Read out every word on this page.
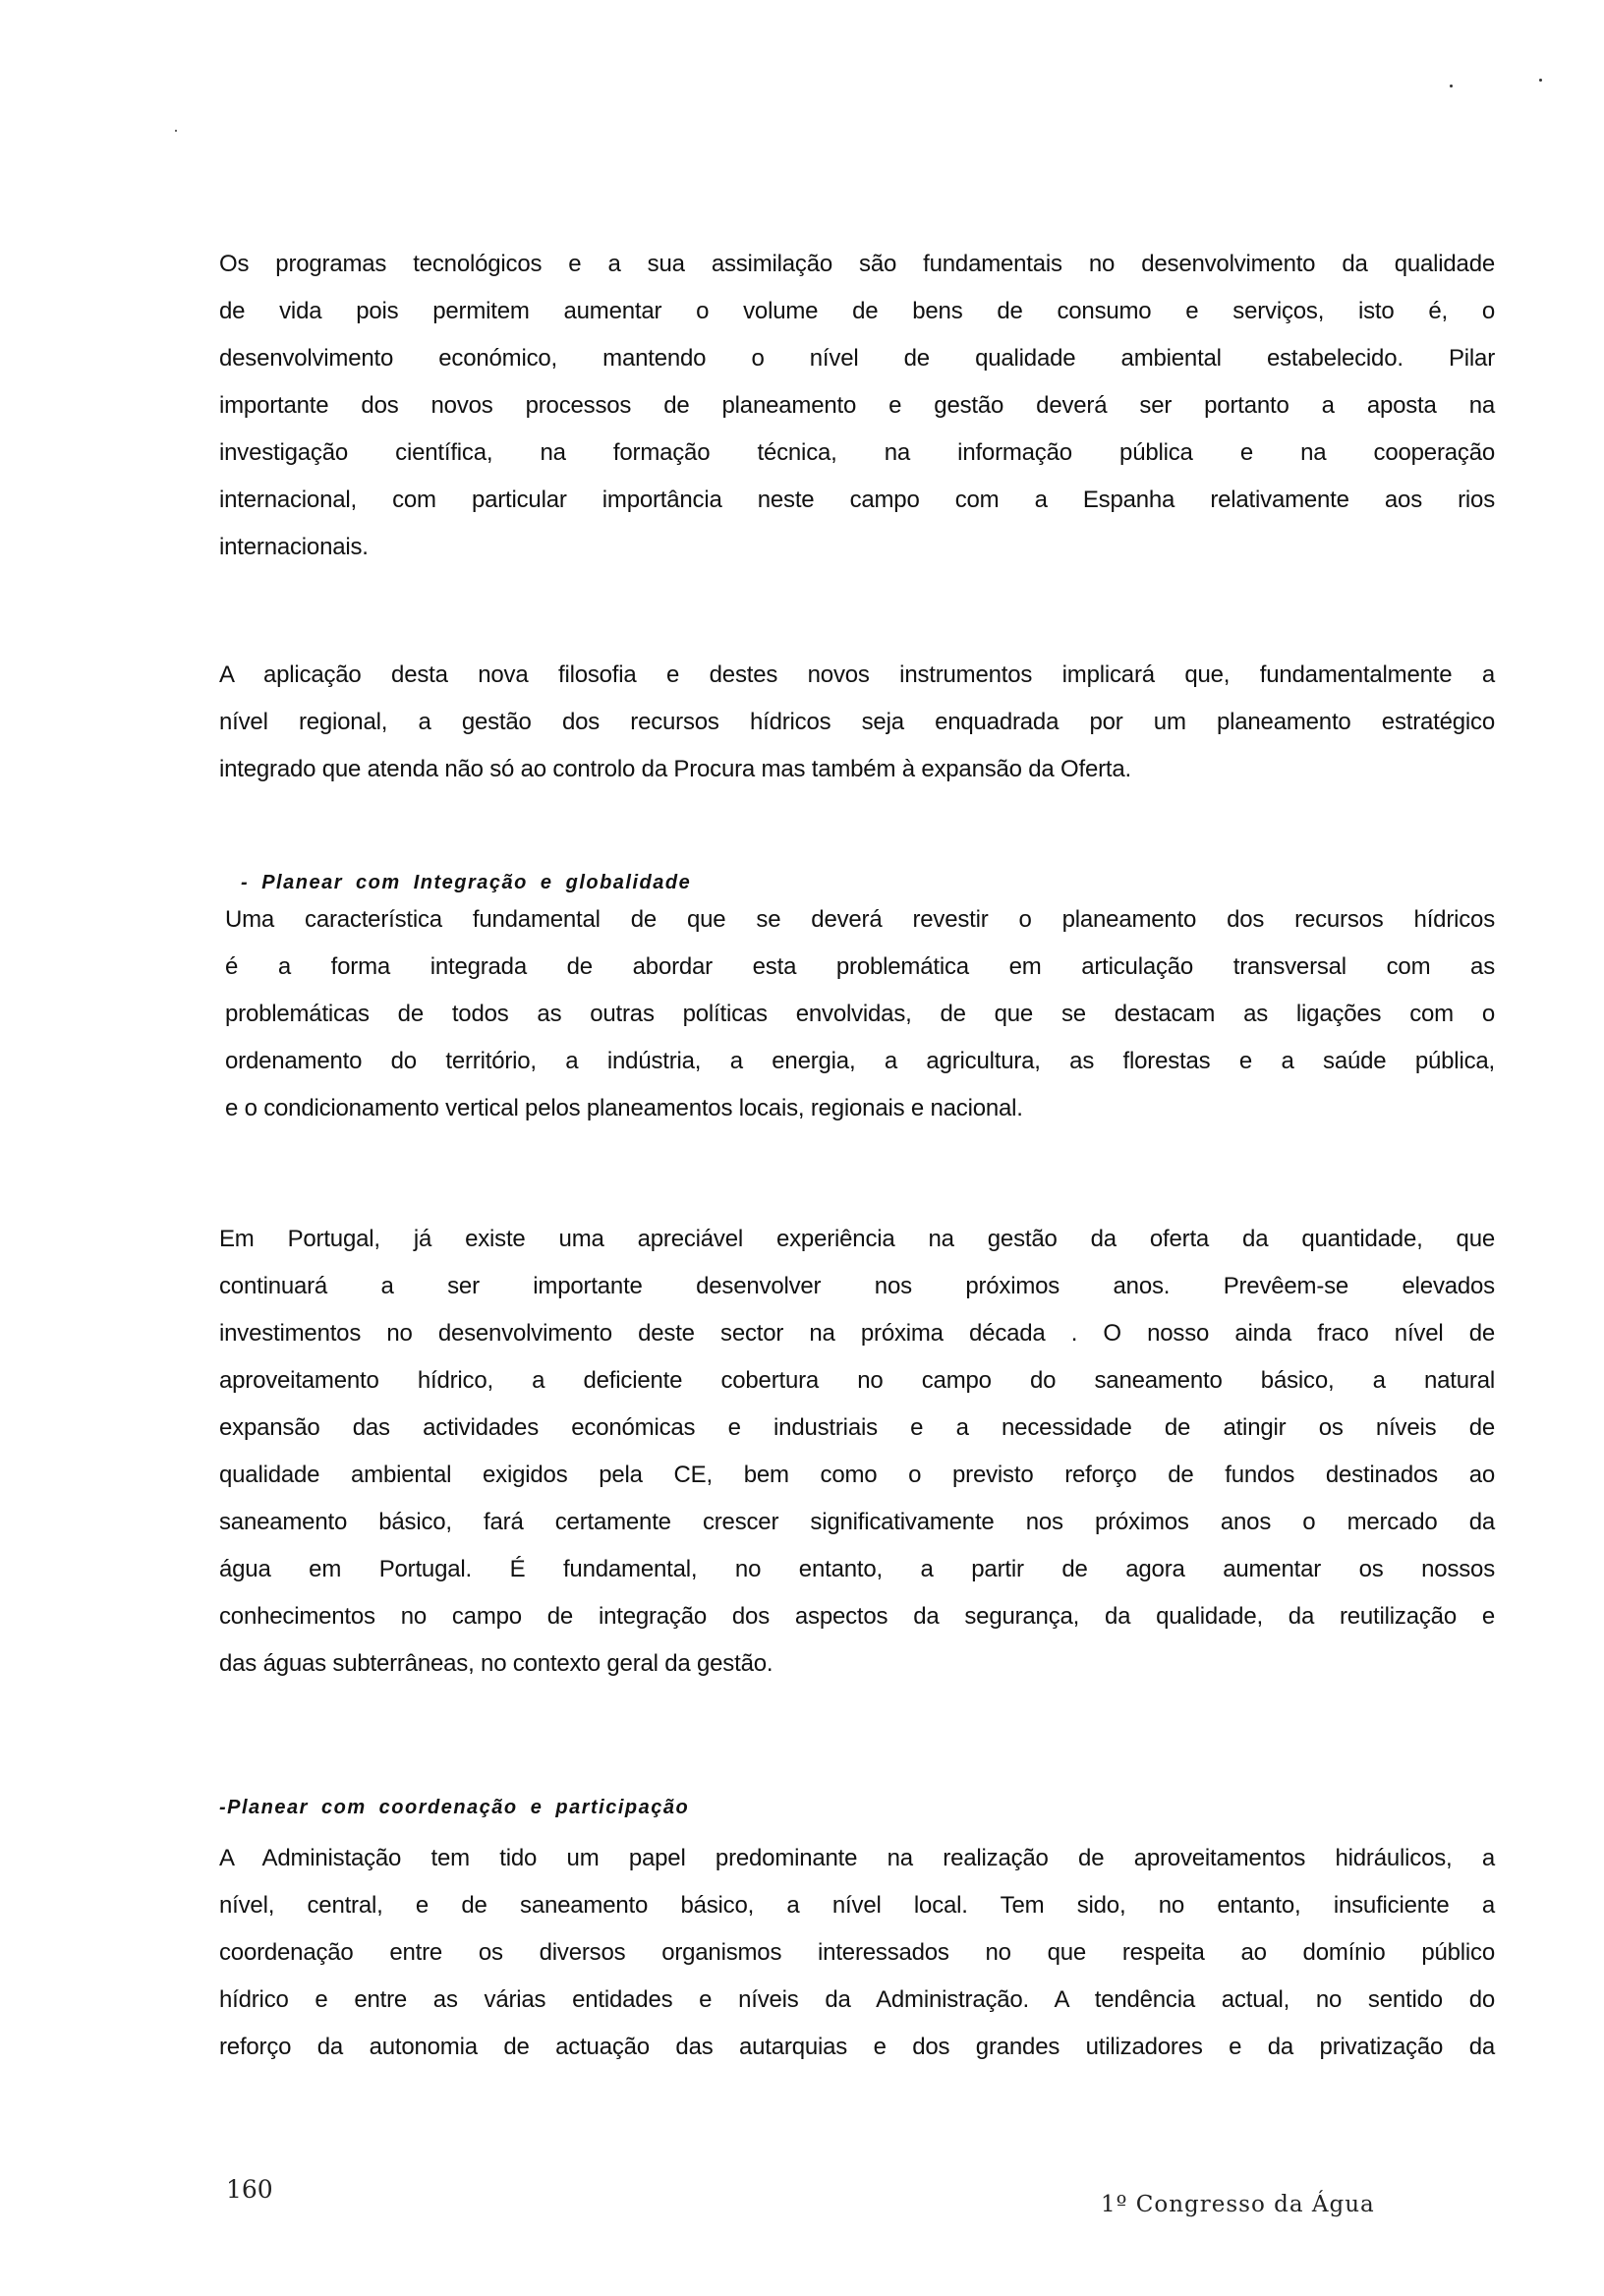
Os programas tecnológicos e a sua assimilação são fundamentais no desenvolvimento da qualidade
de vida pois permitem aumentar o volume de bens de consumo e serviços, isto é, o
desenvolvimento económico, mantendo o nível de qualidade ambiental estabelecido. Pilar
importante dos novos processos de planeamento e gestão deverá ser portanto a aposta na
investigação científica, na formação técnica, na informação pública e na cooperação
internacional, com particular importância neste campo com a Espanha relativamente aos rios
internacionais.
A aplicação desta nova filosofia e destes novos instrumentos implicará que, fundamentalmente a
nível regional, a gestão dos recursos hídricos seja enquadrada por um planeamento estratégico
integrado que atenda não só ao controlo da Procura mas também à expansão da Oferta.
- Planear com Integração e globalidade
Uma característica fundamental de que se deverá revestir o planeamento dos recursos hídricos
é a forma integrada de abordar esta problemática em articulação transversal com as
problemáticas de todos as outras políticas envolvidas, de que se destacam as ligações com o
ordenamento do território, a indústria, a energia, a agricultura, as florestas e a saúde pública,
e o condicionamento vertical pelos planeamentos locais, regionais e nacional.
Em Portugal, já existe uma apreciável experiência na gestão da oferta da quantidade, que
continuará a ser importante desenvolver nos próximos anos. Prevêem-se elevados
investimentos no desenvolvimento deste sector na próxima década . O nosso ainda fraco nível de
aproveitamento hídrico, a deficiente cobertura no campo do saneamento básico, a natural
expansão das actividades económicas e industriais e a necessidade de atingir os níveis de
qualidade ambiental exigidos pela CE, bem como o previsto reforço de fundos destinados ao
saneamento básico, fará certamente crescer significativamente nos próximos anos o mercado da
água em Portugal. É fundamental, no entanto, a partir de agora aumentar os nossos
conhecimentos no campo de integração dos aspectos da segurança, da qualidade, da reutilização e
das águas subterrâneas, no contexto geral da gestão.
-Planear com coordenação e participação
A Administação tem tido um papel predominante na realização de aproveitamentos hidráulicos, a
nível, central, e de saneamento básico, a nível local. Tem sido, no entanto, insuficiente a
coordenação entre os diversos organismos interessados no que respeita ao domínio público
hídrico e entre as várias entidades e níveis da Administração. A tendência actual, no sentido do
reforço da autonomia de actuação das autarquias e dos grandes utilizadores e da privatização da
160
1º Congresso da Água
